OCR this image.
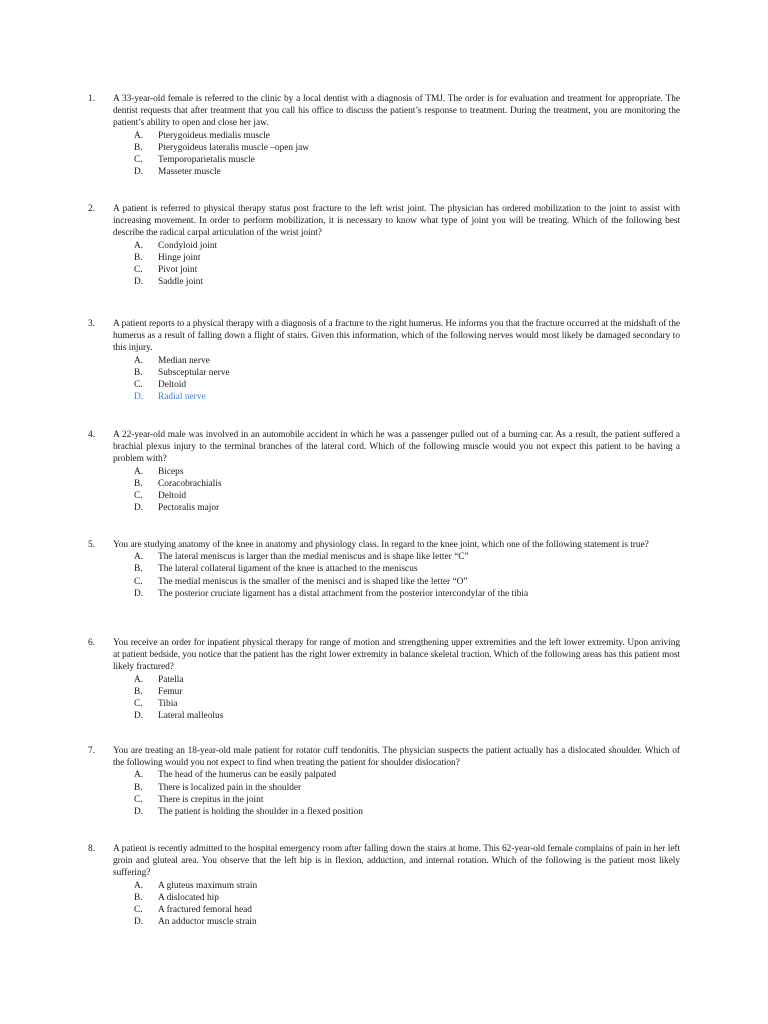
1. A 33-year-old female is referred to the clinic by a local dentist with a diagnosis of TMJ. The order is for evaluation and treatment for appropriate. The dentist requests that after treatment that you call his office to discuss the patient’s response to treatment. During the treatment, you are monitoring the patient’s ability to open and close her jaw.
A. Pterygoideus medialis muscle
B. Pterygoideus lateralis muscle –open jaw
C. Temporoparietalis muscle
D. Masseter muscle
2. A patient is referred to physical therapy status post fracture to the left wrist joint. The physician has ordered mobilization to the joint to assist with increasing movement. In order to perform mobilization, it is necessary to know what type of joint you will be treating. Which of the following best describe the radical carpal articulation of the wrist joint?
A. Condyloid joint
B. Hinge joint
C. Pivot joint
D. Saddle joint
3. A patient reports to a physical therapy with a diagnosis of a fracture to the right humerus. He informs you that the fracture occurred at the midshaft of the humerus as a result of falling down a flight of stairs. Given this information, which of the following nerves would most likely be damaged secondary to this injury.
A. Median nerve
B. Subsceptular nerve
C. Deltoid
D. Radial nerve
4. A 22-year-old male was involved in an automobile accident in which he was a passenger pulled out of a burning car. As a result, the patient suffered a brachial plexus injury to the terminal branches of the lateral cord. Which of the following muscle would you not expect this patient to be having a problem with?
A. Biceps
B. Coracobrachialis
C. Deltoid
D. Pectoralis major
5. You are studying anatomy of the knee in anatomy and physiology class. In regard to the knee joint, which one of the following statement is true?
A. The lateral meniscus is larger than the medial meniscus and is shape like letter “C”
B. The lateral collateral ligament of the knee is attached to the meniscus
C. The medial meniscus is the smaller of the menisci and is shaped like the letter “O”
D. The posterior cruciate ligament has a distal attachment from the posterior intercondylar of the tibia
6. You receive an order for inpatient physical therapy for range of motion and strengthening upper extremities and the left lower extremity. Upon arriving at patient bedside, you notice that the patient has the right lower extremity in balance skeletal traction. Which of the following areas has this patient most likely fractured?
A. Patella
B. Femur
C. Tibia
D. Lateral malleolus
7. You are treating an 18-year-old male patient for rotator cuff tendonitis. The physician suspects the patient actually has a dislocated shoulder. Which of the following would you not expect to find when treating the patient for shoulder dislocation?
A. The head of the humerus can be easily palpated
B. There is localized pain in the shoulder
C. There is crepitus in the joint
D. The patient is holding the shoulder in a flexed position
8. A patient is recently admitted to the hospital emergency room after falling down the stairs at home. This 62-year-old female complains of pain in her left groin and gluteal area. You observe that the left hip is in flexion, adduction, and internal rotation. Which of the following is the patient most likely suffering?
A. A gluteus maximum strain
B. A dislocated hip
C. A fractured femoral head
D. An adductor muscle strain
